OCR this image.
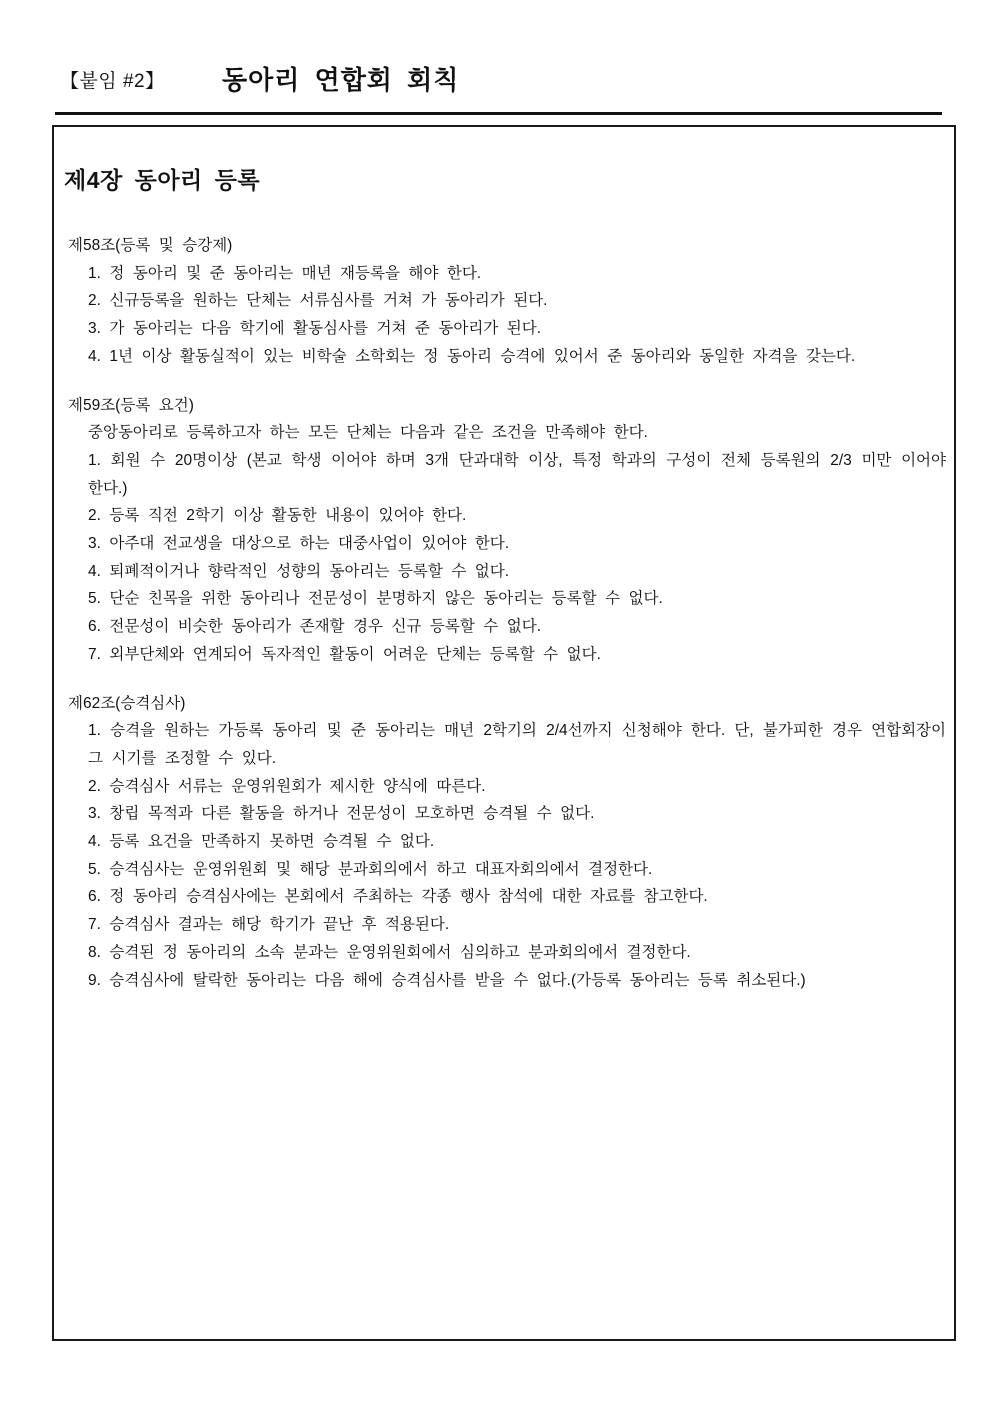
【붙임 #2】 동아리 연합회 회칙
제4장 동아리 등록

제58조(등록 및 승강제)

1. 정 동아리 및 준 동아리는 매년 재등록을 해야 한다.

2. 신규등록을 원하는 단체는 서류심사를 거쳐 가 동아리가 된다.

3. 가 동아리는 다음 학기에 활동심사를 거쳐 준 동아리가 된다.

4. 1년 이상 활동실적이 있는 비학술 소학회는 정 동아리 승격에 있어서 준 동아리와 동일한 자격을 갖는다.

제59조(등록 요건)

중앙동아리로 등록하고자 하는 모든 단체는 다음과 같은 조건을 만족해야 한다.

1. 회원 수 20명이상 (본교 학생 이어야 하며 3개 단과대학 이상, 특정 학과의 구성이 전체 등록원의 2/3 미만 이어야 한다.)

2. 등록 직전 2학기 이상 활동한 내용이 있어야 한다.

3. 아주대 전교생을 대상으로 하는 대중사업이 있어야 한다.

4. 퇴폐적이거나 향락적인 성향의 동아리는 등록할 수 없다.

5. 단순 친목을 위한 동아리나 전문성이 분명하지 않은 동아리는 등록할 수 없다.

6. 전문성이 비슷한 동아리가 존재할 경우 신규 등록할 수 없다.

7. 외부단체와 연계되어 독자적인 활동이 어려운 단체는 등록할 수 없다.

제62조(승격심사)

1. 승격을 원하는 가등록 동아리 및 준 동아리는 매년 2학기의 2/4선까지 신청해야 한다. 단, 불가피한 경우 연합회장이 그 시기를 조정할 수 있다.

2. 승격심사 서류는 운영위원회가 제시한 양식에 따른다.

3. 창립 목적과 다른 활동을 하거나 전문성이 모호하면 승격될 수 없다.

4. 등록 요건을 만족하지 못하면 승격될 수 없다.

5. 승격심사는 운영위원회 및 해당 분과회의에서 하고 대표자회의에서 결정한다.

6. 정 동아리 승격심사에는 본회에서 주최하는 각종 행사 참석에 대한 자료를 참고한다.

7. 승격심사 결과는 해당 학기가 끝난 후 적용된다.

8. 승격된 정 동아리의 소속 분과는 운영위원회에서 심의하고 분과회의에서 결정한다.

9. 승격심사에 탈락한 동아리는 다음 해에 승격심사를 받을 수 없다.(가등록 동아리는 등록 취소된다.)
